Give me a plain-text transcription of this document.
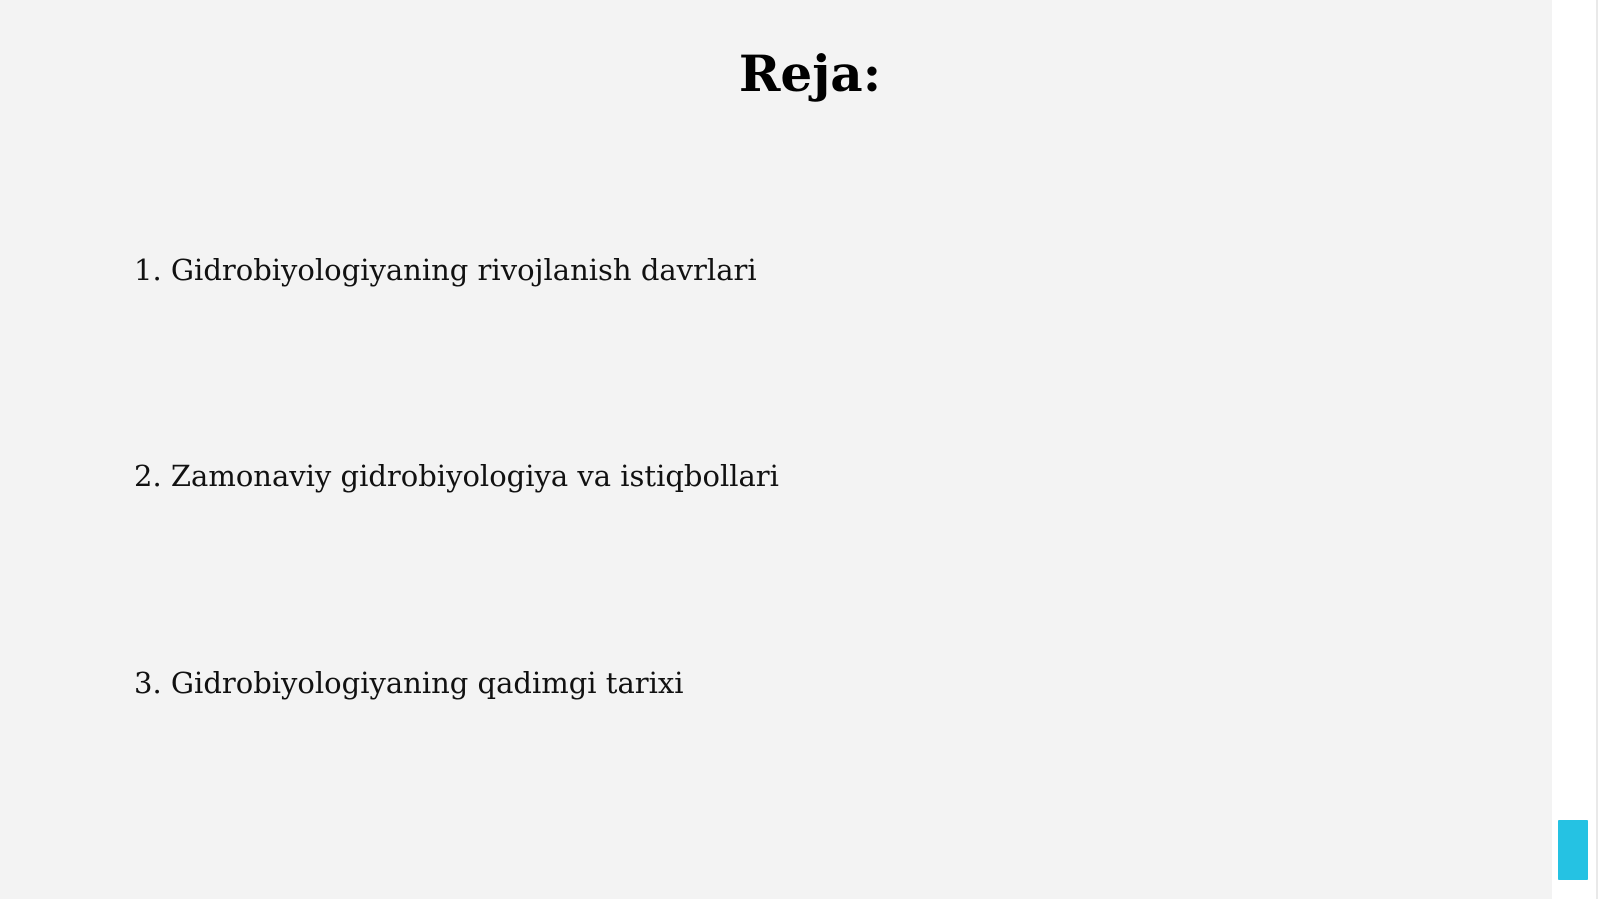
Reja:
1. Gidrobiyologiyaning rivojlanish davrlari
2. Zamonaviy gidrobiyologiya va istiqbollari
3. Gidrobiyologiyaning qadimgi tarixi
